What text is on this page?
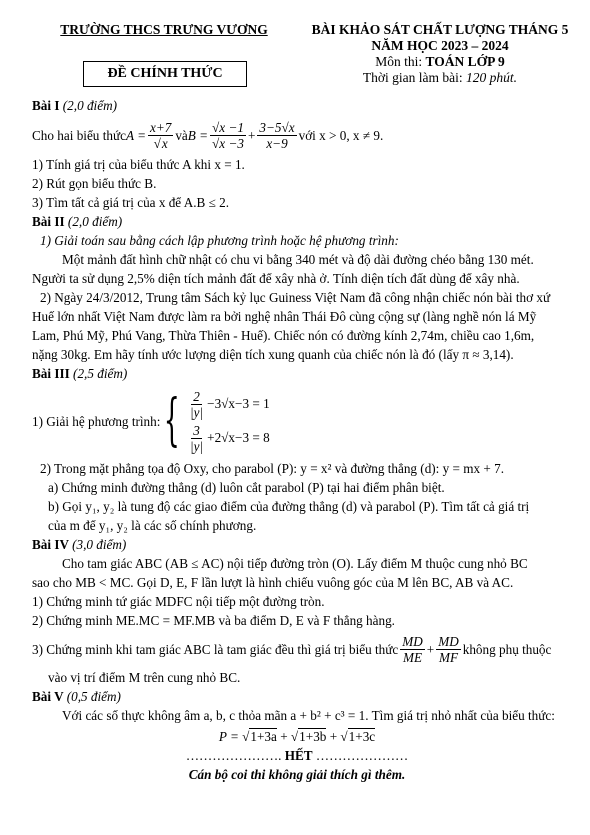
TRƯỜNG THCS TRƯNG VƯƠNG
ĐỀ CHÍNH THỨC
BÀI KHẢO SÁT CHẤT LƯỢNG THÁNG 5
NĂM HỌC 2023 – 2024
Môn thi: TOÁN LỚP 9
Thời gian làm bài: 120 phút.
Bài I (2,0 điểm)
Cho hai biểu thức A = x+7
√ x và B = √ x −1
√ $x -3 + \frac{3-5 √ x}{x-9}$ với x > 0, x ≠ 9.
1) Tính giá trị của biểu thức A khi x = 1.
2) Rút gọn biểu thức B.
3) Tìm tất cả giá trị của x để A.B ≤ 2.
Bài II (2,0 điểm)
1) Giải toán sau bằng cách lập phương trình hoặc hệ phương trình:
Một mảnh đất hình chữ nhật có chu vi bằng 340 mét và độ dài đường chéo bằng 130 mét.
Người ta sử dụng 2,5% diện tích mảnh đất để xây nhà ở. Tính diện tích đất dùng để xây nhà.
2) Ngày 24/3/2012, Trung tâm Sách kỷ lục Guiness Việt Nam đã công nhận chiếc nón bài thơ xứ
Huế lớn nhất Việt Nam được làm ra bởi nghệ nhân Thái Đô cùng cộng sự (làng nghề nón lá Mỹ
Lam, Phú Mỹ, Phú Vang, Thừa Thiên - Huế). Chiếc nón có đường kính 2,74m, chiều cao 1,6m,
nặng 30kg. Em hãy tính ước lượng diện tích xung quanh của chiếc nón là đó (lấy π ≈ 3,14).
Bài III (2,5 điểm)
1) Giải hệ phương trình: { $\frac{2}{|y|} -3√x-3 = 1$
$\frac{3}{|y|} +2√x-3 = 8$
2) Trong mặt phẳng tọa độ Oxy, cho parabol (P): y = x² và đường thẳng (d): y = mx + 7.
a) Chứng minh đường thẳng (d) luôn cắt parabol (P) tại hai điểm phân biệt.
b) Gọi y₁, y₂ là tung độ các giao điểm của đường thẳng (d) và parabol (P). Tìm tất cả giá trị
của m để y₁, y₂ là các số chính phương.
Bài IV (3,0 điểm)
Cho tam giác ABC (AB ≤ AC) nội tiếp đường tròn (O). Lấy điểm M thuộc cung nhỏ BC
sao cho MB < MC. Gọi D, E, F lần lượt là hình chiếu vuông góc của M lên BC, AB và AC.
1) Chứng minh tứ giác MDFC nội tiếp một đường tròn.
2) Chứng minh ME.MC = MF.MB và ba điểm D, E và F thẳng hàng.
3) Chứng minh khi tam giác ABC là tam giác đều thì giá trị biểu thức $\frac{MD}{ME} + \frac{MD}{MF}$ không phụ thuộc
vào vị trí điểm M trên cung nhỏ BC.
Bài V (0,5 điểm)
Với các số thực không âm a, b, c thỏa mãn a + b² + c³ = 1. Tìm giá trị nhỏ nhất của biểu thức:
P = √ 1+3a + √ 1+3b + √ 1+3c
…………………. HẾT …………………
Cán bộ coi thi không giải thích gì thêm.
